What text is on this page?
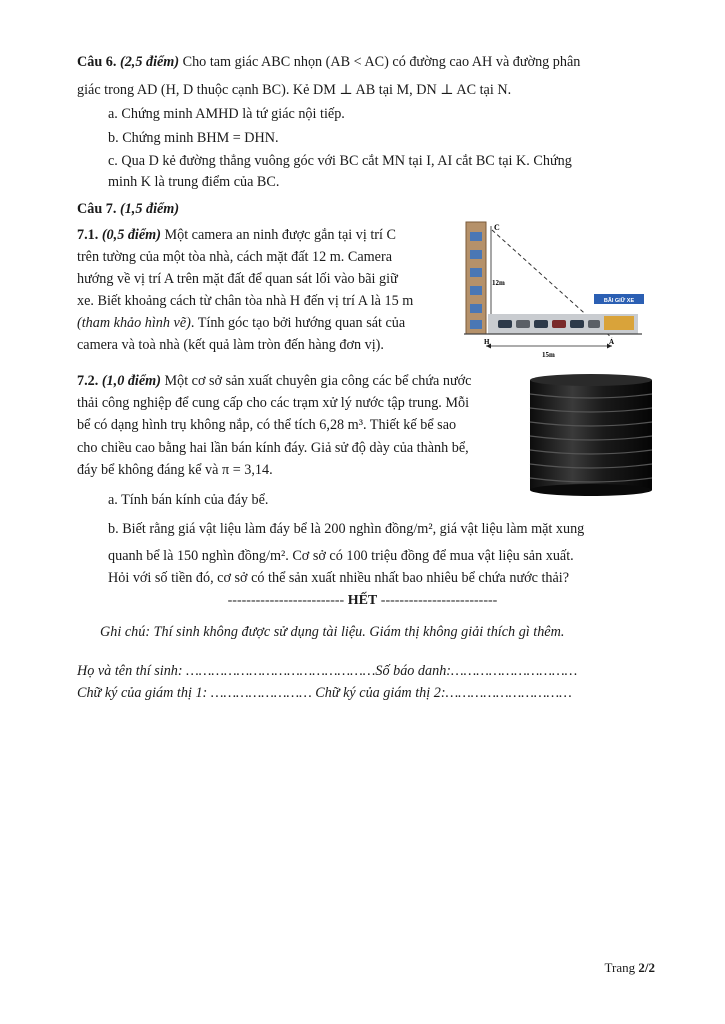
Câu 6. (2,5 điểm) Cho tam giác ABC nhọn (AB < AC) có đường cao AH và đường phân
giác trong AD (H, D thuộc cạnh BC). Kẻ DM ⊥ AB tại M, DN ⊥ AC tại N.
a. Chứng minh AMHD là tứ giác nội tiếp.
b. Chứng minh BHM = DHN.
c. Qua D kẻ đường thẳng vuông góc với BC cắt MN tại I, AI cắt BC tại K. Chứng
minh K là trung điểm của BC.
Câu 7. (1,5 điểm)
7.1. (0,5 điểm) Một camera an ninh được gắn tại vị trí C
trên tường của một tòa nhà, cách mặt đất 12 m. Camera
hướng về vị trí A trên mặt đất để quan sát lối vào bãi giữ
xe. Biết khoảng cách từ chân tòa nhà H đến vị trí A là 15 m
(tham khảo hình vẽ). Tính góc tạo bởi hướng quan sát của
camera và toà nhà (kết quả làm tròn đến hàng đơn vị).
BÃI GIỮ XE
C
12m
H	A
15m
7.2. (1,0 điểm) Một cơ sở sản xuất chuyên gia công các bể chứa nước
thải công nghiệp để cung cấp cho các trạm xử lý nước tập trung. Mỗi
bể có dạng hình trụ không nắp, có thể tích 6,28 m³. Thiết kế bể sao
cho chiều cao bằng hai lần bán kính đáy. Giả sử độ dày của thành bể,
đáy bể không đáng kể và π = 3,14.
a. Tính bán kính của đáy bể.
b. Biết rằng giá vật liệu làm đáy bể là 200 nghìn đồng/m², giá vật liệu làm mặt xung
quanh bể là 150 nghìn đồng/m². Cơ sở có 100 triệu đồng để mua vật liệu sản xuất.
Hỏi với số tiền đó, cơ sở có thể sản xuất nhiều nhất bao nhiêu bể chứa nước thải?
------------------------- HẾT -------------------------
Ghi chú: Thí sinh không được sử dụng tài liệu. Giám thị không giải thích gì thêm.
Họ và tên thí sinh: ………………………………………Số báo danh:…………………………
Chữ ký của giám thị 1: …………………… Chữ ký của giám thị 2:…………………………
Trang 2/2
